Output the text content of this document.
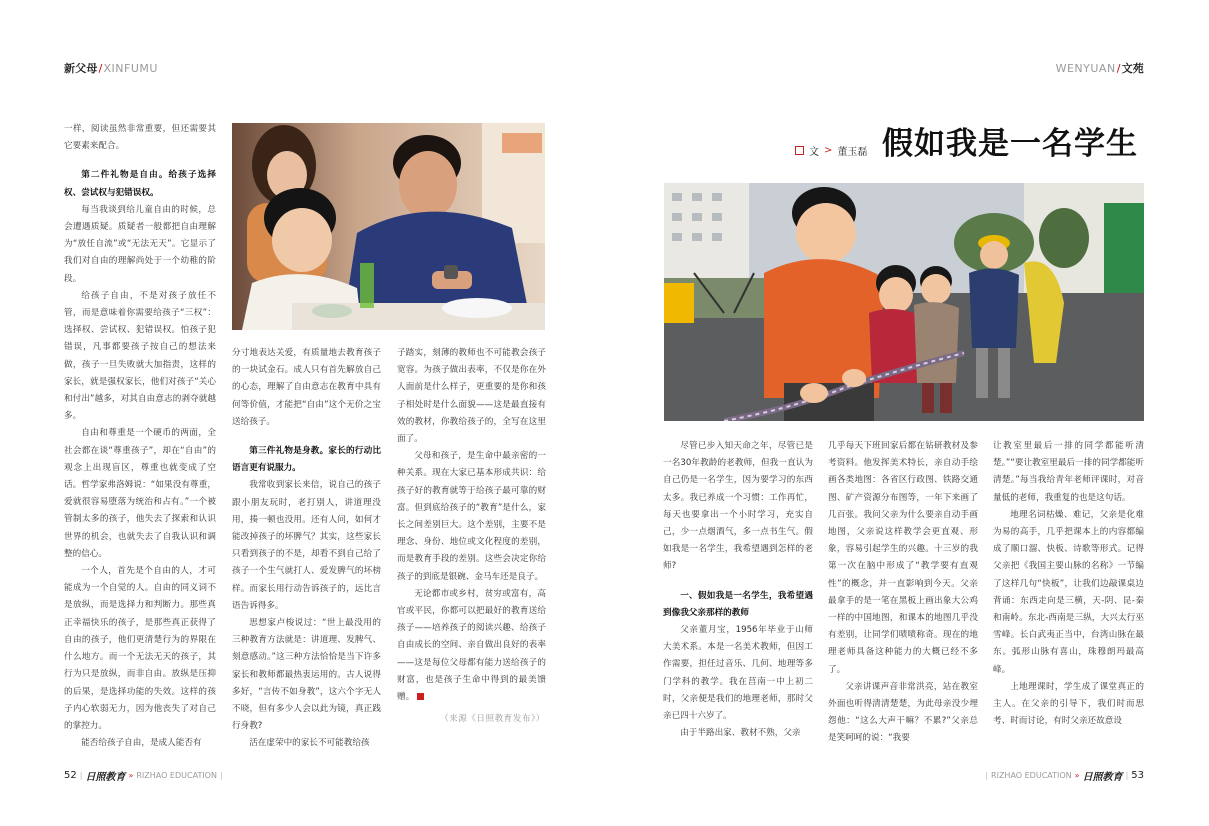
新父母/XINFUMU	WENYUAN/文苑

一样，阅读虽然非常重要，但还需要其它要素来配合。

第二件礼物是自由。给孩子选择权、尝试权与犯错误权。

每当我谈到给儿童自由的时候，总会遭遇质疑。质疑者一般都把自由理解为“放任自流”或“无法无天”。它显示了我们对自由的理解尚处于一个幼稚的阶段。

给孩子自由，不是对孩子放任不管，而是意味着你需要给孩子“三权”：选择权、尝试权、犯错误权。怕孩子犯错误，凡事都要孩子按自己的想法来做，孩子一旦失败就大加指责，这样的家长，就是强权家长，他们对孩子“关心和付出”越多，对其自由意志的剥夺就越多。

自由和尊重是一个硬币的两面，全社会都在谈“尊重孩子”，却在“自由”的观念上出现盲区，尊重也就变成了空话。哲学家弗洛姆说：“如果没有尊重，爱就很容易堕落为统治和占有。”一个被管制太多的孩子，他失去了探索和认识世界的机会，也就失去了自我认识和调整的信心。

一个人，首先是个自由的人，才可能成为一个自觉的人。自由的同义词不是放纵，而是选择力和判断力。那些真正幸福快乐的孩子，是那些真正获得了自由的孩子，他们更清楚行为的界限在什么地方。而一个无法无天的孩子，其行为只是放纵，而非自由。放纵是压抑的后果，是选择功能的失效。这样的孩子内心软弱无力，因为他丧失了对自己的掌控力。

能否给孩子自由，是成人能否有

分寸地表达关爱，有质量地去教育孩子的一块试金石。成人只有首先解放自己的心态，理解了自由意志在教育中具有何等价值，才能把“自由”这个无价之宝送给孩子。

第三件礼物是身教。家长的行动比语言更有说服力。

我常收到家长来信，说自己的孩子跟小朋友玩时，老打别人，讲道理没用，揍一顿也没用。还有人问，如何才能改掉孩子的坏脾气？其实，这些家长只看到孩子的不是，却看不到自己给了孩子一个生气就打人、爱发脾气的坏榜样。而家长用行动告诉孩子的，远比言语告诉得多。

思想家卢梭说过：“世上最没用的三种教育方法就是：讲道理、发脾气、刻意感动。”这三种方法恰恰是当下许多家长和教师都最热衷运用的。古人说得多好，“言传不如身教”，这六个字无人不晓，但有多少人会以此为镜，真正践行身教?

活在虚荣中的家长不可能教给孩

子踏实，刻薄的教师也不可能教会孩子宽容。为孩子做出表率，不仅是你在外人面前是什么样子，更重要的是你和孩子相处时是什么面貌——这是最直接有效的教材，你教给孩子的，全写在这里面了。

父母和孩子，是生命中最亲密的一种关系。现在大家已基本形成共识：给孩子好的教育就等于给孩子最可靠的财富。但到底给孩子的“教育”是什么，家长之间差别巨大。这个差别，主要不是理念、身份、地位或文化程度的差别，而是教育手段的差别。这些会决定你给孩子的到底是银碗、金马车还是良子。

无论都市或乡村，贫穷或富有，高官或平民，你都可以把最好的教育送给孩子——培养孩子的阅读兴趣、给孩子自由成长的空间、亲自做出良好的表率——这是每位父母都有能力送给孩子的财富，也是孩子生命中得到的最美馈赠。

（来源《日照教育发布》）
文 > 董玉磊 假如我是一名学生

尽管已步入知天命之年，尽管已是一名30年教龄的老教师，但我一直认为自己仍是一名学生，因为要学习的东西太多。我已养成一个习惯：工作再忙，每天也要拿出一个小时学习，充实自己，少一点烟酒气，多一点书生气。假如我是一名学生，我希望遇到怎样的老师?

一、假如我是一名学生，我希望遇到像我父亲那样的教师

父亲董月宝，1956年毕业于山师大美术系。本是一名美术教师，但因工作需要，担任过音乐、几何、地理等多门学科的教学。我在莒南一中上初二时，父亲便是我们的地理老师，那时父亲已四十六岁了。

由于半路出家、教材不熟，父亲

几乎每天下班回家后都在钻研教材及参考资料。他发挥美术特长，亲自动手绘画各类地图：各省区行政图、铁路交通图、矿产资源分布图等，一年下来画了几百张。我问父亲为什么要亲自动手画地图，父亲说这样教学会更直观、形象，容易引起学生的兴趣。十三岁的我第一次在脑中形成了“教学要有直观性”的概念，并一直影响到今天。父亲最拿手的是一笔在黑板上画出象大公鸡一样的中国地图，和课本的地图几乎没有差别，让同学们啧啧称奇。现在的地理老师具备这种能力的大概已经不多了。

父亲讲课声音非常洪亮，站在教室外面也听得清清楚楚，为此母亲没少埋怨他：“这么大声干嘛？不累?”父亲总是笑呵呵的说：“我要

让教室里最后一排的同学都能听清楚。”“要让教室里最后一排的同学都能听清楚。”每当我给青年老师评课时，对音量低的老师，我重复的也是这句话。

地理名词枯燥、难记，父亲是化难为易的高手，几乎把课本上的内容都编成了顺口溜、快板、诗歌等形式。记得父亲把《我国主要山脉的名称》一节编了这样几句“快板”，让我们边敲课桌边背诵：东西走向是三横，天-阴、昆-秦和南岭。东北-西南是三纵，大兴太行巫雪峰。长白武夷正当中，台湾山脉在最东。弧形山脉有喜山，珠穆朗玛最高峰。

上地理课时，学生成了课堂真正的主人。在父亲的引导下，我们时而思考、时而讨论，有时父亲还故意设

52 | 日照教育 » RIZHAO EDUCATION |	| RIZHAO EDUCATION » 日照教育 | 53
